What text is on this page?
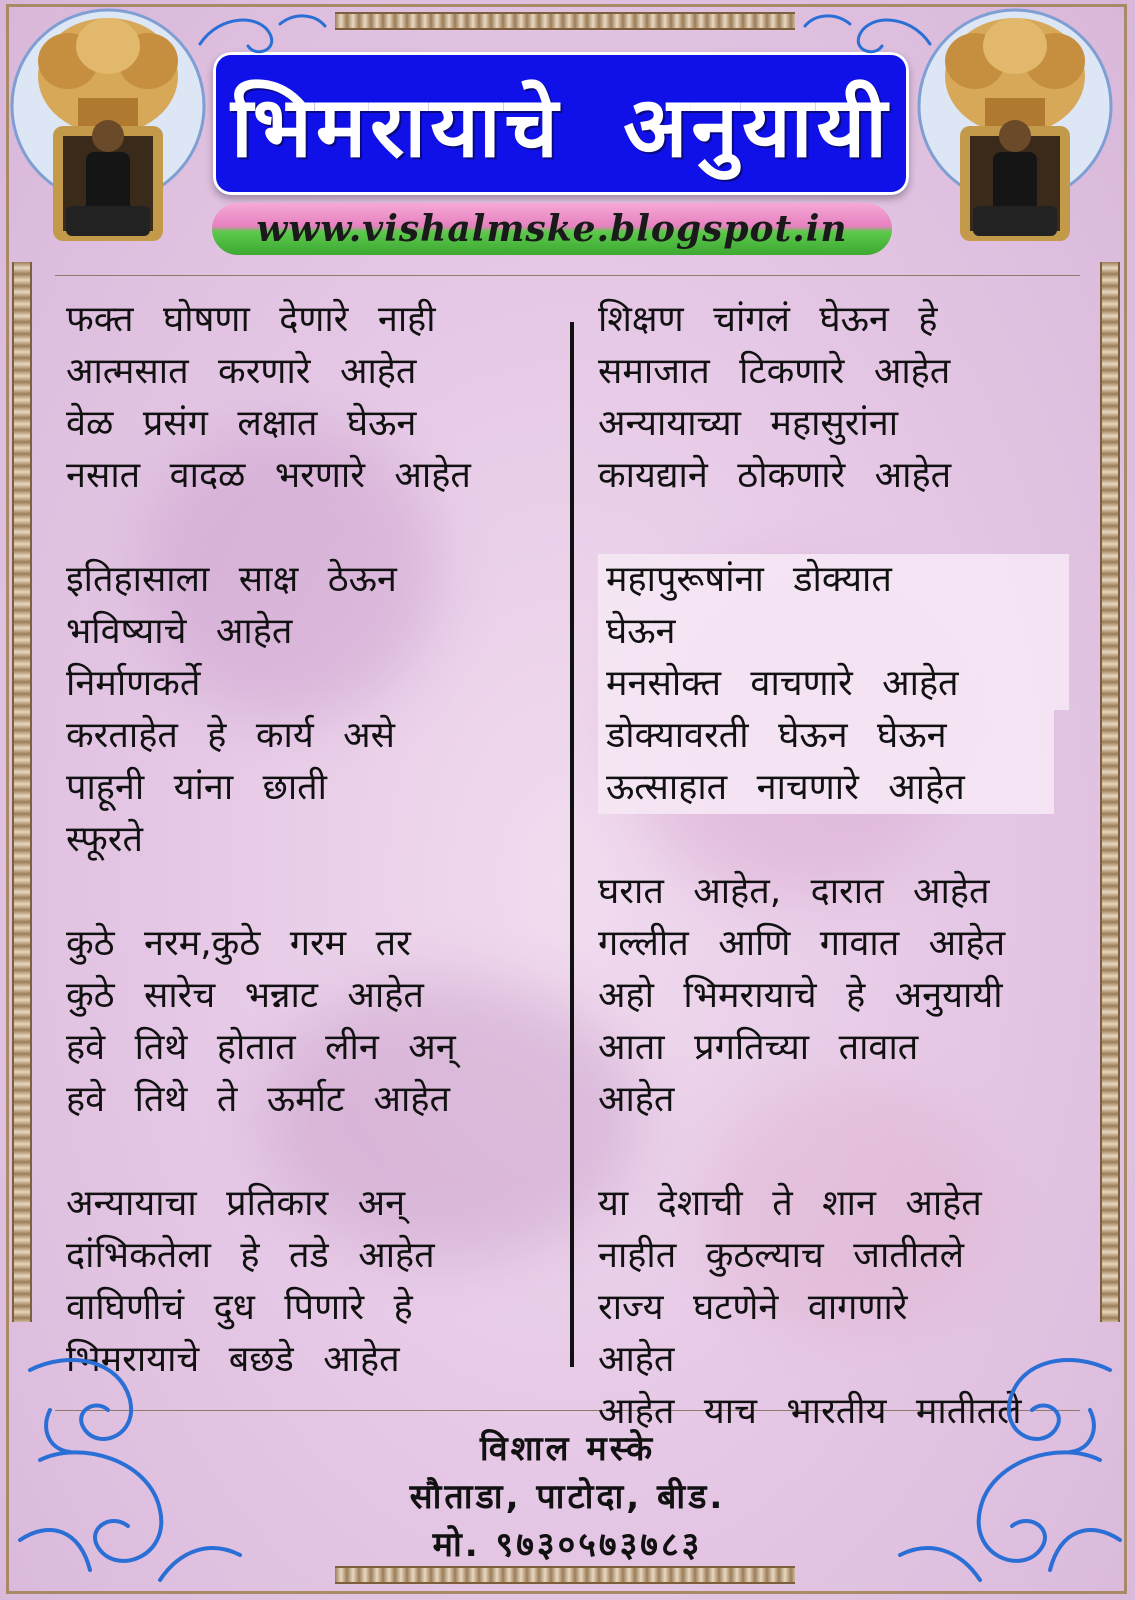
भिमरायाचे अनुयायी
www.vishalmske.blogspot.in
फक्त घोषणा देणारे नाही
आत्मसात करणारे आहेत
वेळ प्रसंग लक्षात घेऊन
नसात वादळ भरणारे आहेत
इतिहासाला साक्ष ठेऊन
भविष्याचे आहेत
निर्माणकर्ते
करताहेत हे कार्य असे
पाहूनी यांना छाती
स्फूरते
कुठे नरम,कुठे गरम तर
कुठे सारेच भन्नाट आहेत
हवे तिथे होतात लीन अन्
हवे तिथे ते ऊर्माट आहेत
अन्यायाचा प्रतिकार अन्
दांभिकतेला हे तडे आहेत
वाघिणीचं दुध पिणारे हे
भिमरायाचे बछडे आहेत
शिक्षण चांगलं घेऊन हे
समाजात टिकणारे आहेत
अन्यायाच्या महासुरांना
कायद्याने ठोकणारे आहेत
महापुरूषांना डोक्यात
घेऊन
मनसोक्त वाचणारे आहेत
डोक्यावरती घेऊन घेऊन
ऊत्साहात नाचणारे आहेत
घरात आहेत, दारात आहेत
गल्लीत आणि गावात आहेत
अहो भिमरायाचे हे अनुयायी
आता प्रगतिच्या तावात
आहेत
या देशाची ते शान आहेत
नाहीत कुठल्याच जातीतले
राज्य घटणेने वागणारे
आहेत
आहेत याच भारतीय मातीतले
विशाल मस्के
सौताडा, पाटोदा, बीड.
मो. ९७३०५७३७८३
